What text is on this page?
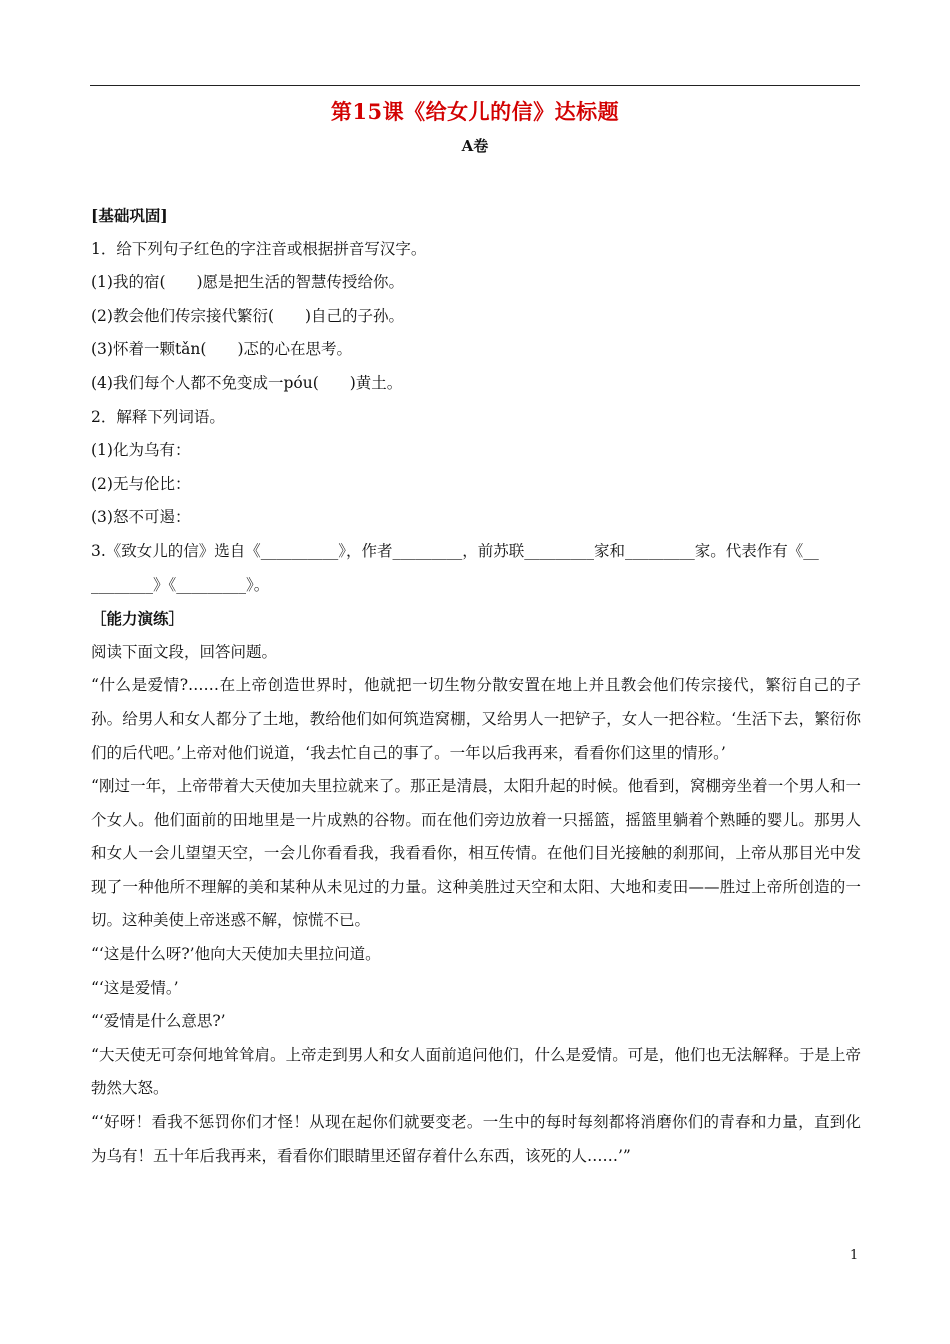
第15课《给女儿的信》达标题
A卷
[基础巩固]
1．给下列句子红色的字注音或根据拼音写汉字。
(1)我的宿(　　)愿是把生活的智慧传授给你。
(2)教会他们传宗接代繁衍(　　)自己的子孙。
(3)怀着一颗tǎn(　　)忑的心在思考。
(4)我们每个人都不免变成一póu(　　)黄土。
2．解释下列词语。
(1)化为乌有：
(2)无与伦比：
(3)怒不可遏：
3.《致女儿的信》选自《__________》，作者_________，前苏联_________家和_________家。代表作有《__
________》《_________》。
［能力演练］
阅读下面文段，回答问题。
“什么是爱情?……在上帝创造世界时，他就把一切生物分散安置在地上并且教会他们传宗接代，繁衍自己的子孙。给男人和女人都分了土地，教给他们如何筑造窝棚，又给男人一把铲子，女人一把谷粒。‘生活下去，繁衍你们的后代吧。’上帝对他们说道，‘我去忙自己的事了。一年以后我再来，看看你们这里的情形。’
“刚过一年，上帝带着大天使加夫里拉就来了。那正是清晨，太阳升起的时候。他看到，窝棚旁坐着一个男人和一个女人。他们面前的田地里是一片成熟的谷物。而在他们旁边放着一只摇篮，摇篮里躺着个熟睡的婴儿。那男人和女人一会儿望望天空，一会儿你看看我，我看看你，相互传情。在他们目光接触的刹那间，上帝从那目光中发现了一种他所不理解的美和某种从未见过的力量。这种美胜过天空和太阳、大地和麦田——胜过上帝所创造的一切。这种美使上帝迷惑不解，惊慌不已。
“‘这是什么呀?’他向大天使加夫里拉问道。
“‘这是爱情。’
“‘爱情是什么意思?’
“大天使无可奈何地耸耸肩。上帝走到男人和女人面前追问他们，什么是爱情。可是，他们也无法解释。于是上帝勃然大怒。
“‘好呀！看我不惩罚你们才怪！从现在起你们就要变老。一生中的每时每刻都将消磨你们的青春和力量，直到化为乌有！五十年后我再来，看看你们眼睛里还留存着什么东西，该死的人……’”
1
